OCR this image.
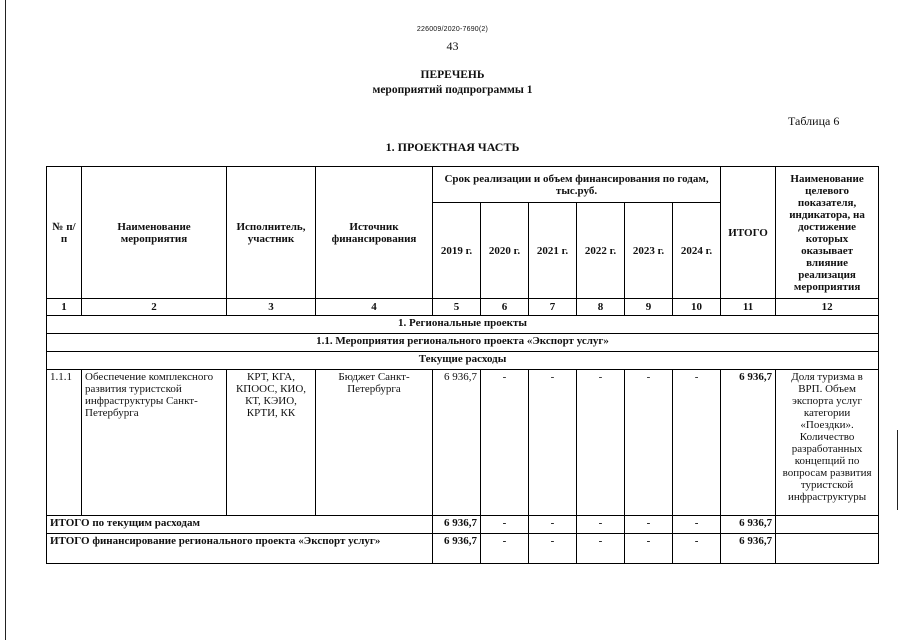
226009/2020-7690(2)
43
ПЕРЕЧЕНЬ
мероприятий подпрограммы 1
Таблица 6
1. ПРОЕКТНАЯ ЧАСТЬ
№ п/п	Наименование мероприятия	Исполнитель, участник	Источник финансирования	Срок реализации и объем финансирования по годам, тыс.руб.						ИТОГО	Наименование целевого показателя, индикатора, на достижение которых оказывает влияние реализация мероприятия
				2019 г.	2020 г.	2021 г.	2022 г.	2023 г.	2024 г.		
1	2	3	4	5	6	7	8	9	10	11	12
1. Региональные проекты											
1.1. Мероприятия регионального проекта «Экспорт услуг»											
Текущие расходы											
1.1.1	Обеспечение комплексного развития туристской инфраструктуры Санкт-Петербурга	КРТ, КГА, КПООС, КИО, КТ, КЭИО, КРТИ, КК	Бюджет Санкт-Петербурга	6 936,7	-	-	-	-	-	6 936,7	Доля туризма в ВРП. Объем экспорта услуг категории «Поездки». Количество разработанных концепций по вопросам развития туристской инфраструктуры
ИТОГО по текущим расходам				6 936,7	-	-	-	-	-	6 936,7	
ИТОГО финансирование регионального проекта «Экспорт услуг»				6 936,7	-	-	-	-	-	6 936,7	
